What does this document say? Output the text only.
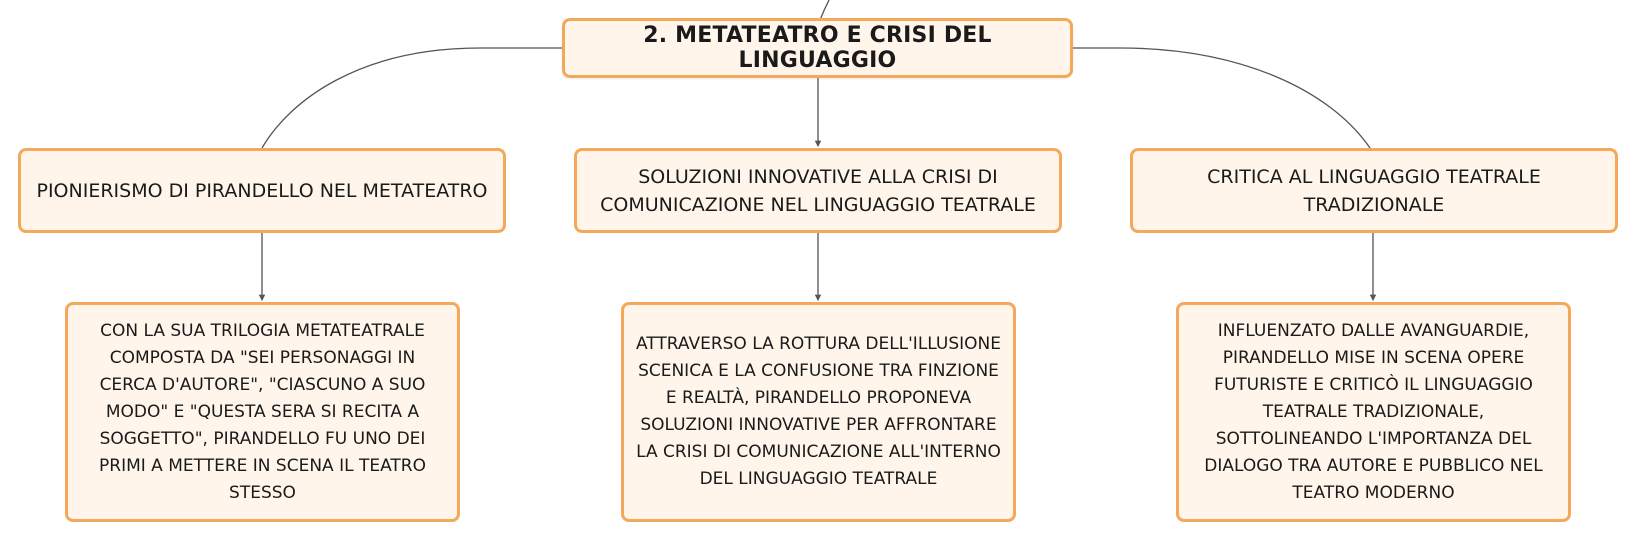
2. METATEATRO E CRISI DEL LINGUAGGIO
PIONIERISMO DI PIRANDELLO NEL METATEATRO
SOLUZIONI INNOVATIVE ALLA CRISI DI COMUNICAZIONE NEL LINGUAGGIO TEATRALE
CRITICA AL LINGUAGGIO TEATRALE TRADIZIONALE
CON LA SUA TRILOGIA METATEATRALE COMPOSTA DA "SEI PERSONAGGI IN CERCA D'AUTORE", "CIASCUNO A SUO MODO" E "QUESTA SERA SI RECITA A SOGGETTO", PIRANDELLO FU UNO DEI PRIMI A METTERE IN SCENA IL TEATRO STESSO
ATTRAVERSO LA ROTTURA DELL'ILLUSIONE SCENICA E LA CONFUSIONE TRA FINZIONE E REALTÀ, PIRANDELLO PROPONEVA SOLUZIONI INNOVATIVE PER AFFRONTARE LA CRISI DI COMUNICAZIONE ALL'INTERNO DEL LINGUAGGIO TEATRALE
INFLUENZATO DALLE AVANGUARDIE, PIRANDELLO MISE IN SCENA OPERE FUTURISTE E CRITICÒ IL LINGUAGGIO TEATRALE TRADIZIONALE, SOTTOLINEANDO L'IMPORTANZA DEL DIALOGO TRA AUTORE E PUBBLICO NEL TEATRO MODERNO
